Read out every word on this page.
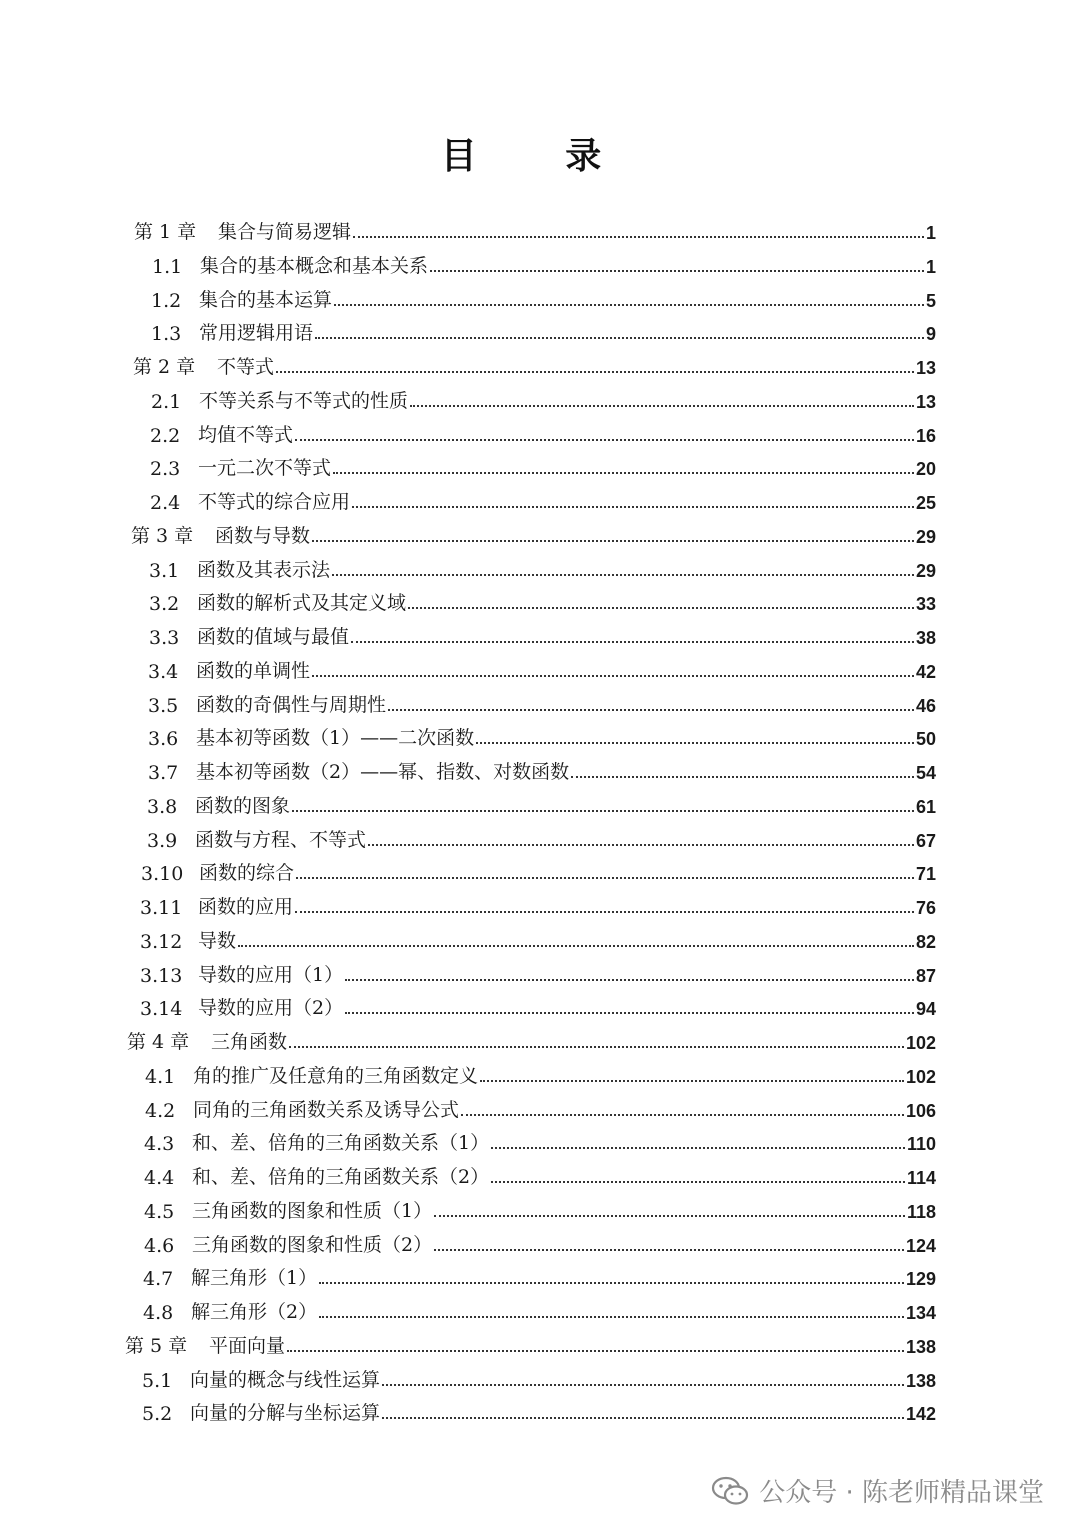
目 录
第 1 章	集合与简易逻辑	1
1.1 集合的基本概念和基本关系	1
1.2 集合的基本运算	5
1.3 常用逻辑用语	9
第 2 章	不等式	13
2.1 不等关系与不等式的性质	13
2.2 均值不等式	16
2.3 一元二次不等式	20
2.4 不等式的综合应用	25
第 3 章	函数与导数	29
3.1 函数及其表示法	29
3.2 函数的解析式及其定义域	33
3.3 函数的值域与最值	38
3.4 函数的单调性	42
3.5 函数的奇偶性与周期性	46
3.6 基本初等函数（1）——二次函数	50
3.7 基本初等函数（2）——幂、指数、对数函数	54
3.8 函数的图象	61
3.9 函数与方程、不等式	67
3.10 函数的综合	71
3.11 函数的应用	76
3.12 导数	82
3.13 导数的应用（1）	87
3.14 导数的应用（2）	94
第 4 章	三角函数	102
4.1 角的推广及任意角的三角函数定义	102
4.2 同角的三角函数关系及诱导公式	106
4.3 和、差、倍角的三角函数关系（1）	110
4.4 和、差、倍角的三角函数关系（2）	114
4.5 三角函数的图象和性质（1）	118
4.6 三角函数的图象和性质（2）	124
4.7 解三角形（1）	129
4.8 解三角形（2）	134
第 5 章	平面向量	138
5.1 向量的概念与线性运算	138
5.2 向量的分解与坐标运算	142
公众号 · 陈老师精品课堂
